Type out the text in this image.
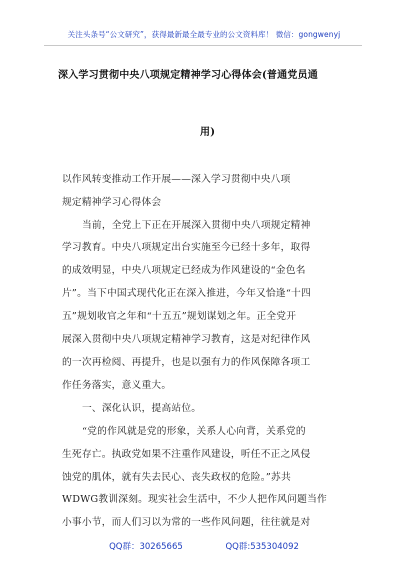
关注头条号“公文研究”，获得最新最全最专业的公文资料库！ 微信：gongwenyj
深入学习贯彻中央八项规定精神学习心得体会(普通党员通
用)
以作风转变推动工作开展——深入学习贯彻中央八项
规定精神学习心得体会
当前，全党上下正在开展深入贯彻中央八项规定精神
学习教育。中央八项规定出台实施至今已经十多年，取得
的成效明显，中央八项规定已经成为作风建设的“金色名
片”。当下中国式现代化正在深入推进，今年又恰逢“十四
五”规划收官之年和“十五五”规划谋划之年。正全党开
展深入贯彻中央八项规定精神学习教育，这是对纪律作风
的一次再检阅、再提升，也是以强有力的作风保障各项工
作任务落实，意义重大。
一、深化认识，提高站位。
“党的作风就是党的形象，关系人心向背，关系党的
生死存亡。执政党如果不注重作风建设，听任不正之风侵
蚀党的肌体，就有失去民心、丧失政权的危险。”苏共
WDWG教训深刻。现实社会生活中，不少人把作风问题当作
小事小节，而人们习以为常的一些作风问题，往往就是对
QQ群：30265665	QQ群:535304092
